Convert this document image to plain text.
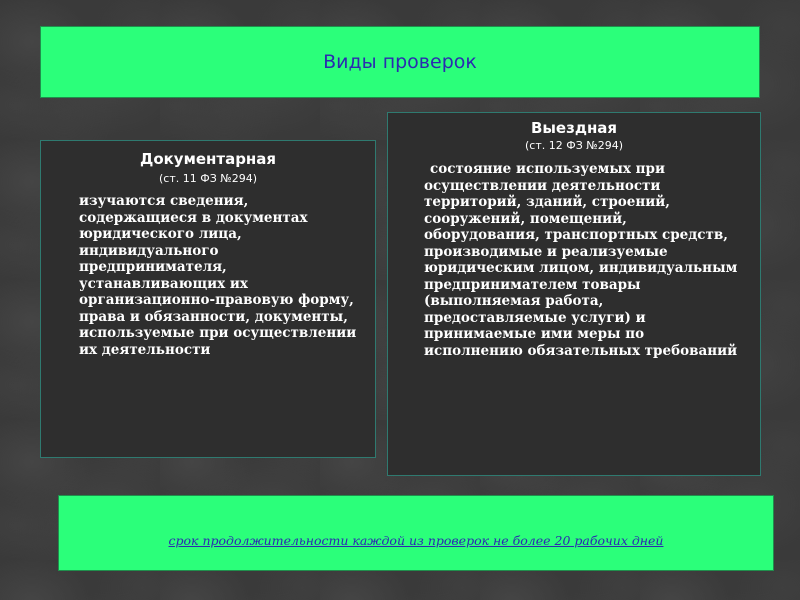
Виды проверок
Документарная
(ст. 11 ФЗ №294)
изучаются сведения, содержащиеся в документах юридического лица, индивидуального предпринимателя, устанавливающих их организационно-правовую форму, права и обязанности, документы, используемые при осуществлении их деятельности
Выездная
(ст. 12 ФЗ №294)
состояние используемых при осуществлении деятельности территорий, зданий, строений, сооружений, помещений, оборудования, транспортных средств, производимые и реализуемые юридическим лицом, индивидуальным предпринимателем товары (выполняемая работа, предоставляемые услуги) и принимаемые ими меры по исполнению обязательных требований
срок продолжительности каждой из проверок не более 20 рабочих дней
